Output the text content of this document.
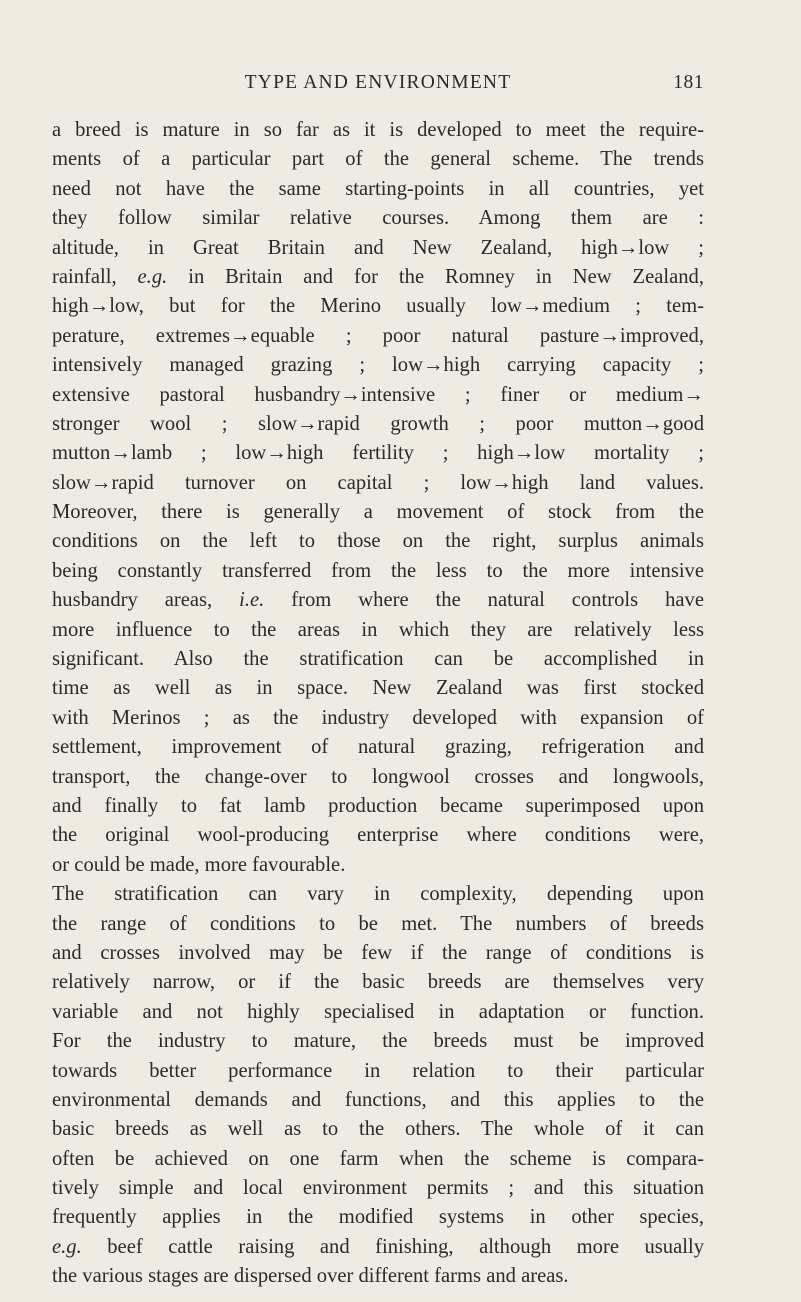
TYPE AND ENVIRONMENT	181
a breed is mature in so far as it is developed to meet the require-
ments of a particular part of the general scheme. The trends
need not have the same starting-points in all countries, yet
they follow similar relative courses. Among them are :
altitude, in Great Britain and New Zealand, high→low ;
rainfall, e.g. in Britain and for the Romney in New Zealand,
high→low, but for the Merino usually low→medium ; tem-
perature, extremes→equable ; poor natural pasture→improved,
intensively managed grazing ; low→high carrying capacity ;
extensive pastoral husbandry→intensive ; finer or medium→
stronger wool ; slow→rapid growth ; poor mutton→good
mutton→lamb ; low→high fertility ; high→low mortality ;
slow→rapid turnover on capital ; low→high land values.
Moreover, there is generally a movement of stock from the
conditions on the left to those on the right, surplus animals
being constantly transferred from the less to the more intensive
husbandry areas, i.e. from where the natural controls have
more influence to the areas in which they are relatively less
significant. Also the stratification can be accomplished in
time as well as in space. New Zealand was first stocked
with Merinos ; as the industry developed with expansion of
settlement, improvement of natural grazing, refrigeration and
transport, the change-over to longwool crosses and longwools,
and finally to fat lamb production became superimposed upon
the original wool-producing enterprise where conditions were,
or could be made, more favourable.
The stratification can vary in complexity, depending upon
the range of conditions to be met. The numbers of breeds
and crosses involved may be few if the range of conditions is
relatively narrow, or if the basic breeds are themselves very
variable and not highly specialised in adaptation or function.
For the industry to mature, the breeds must be improved
towards better performance in relation to their particular
environmental demands and functions, and this applies to the
basic breeds as well as to the others. The whole of it can
often be achieved on one farm when the scheme is compara-
tively simple and local environment permits ; and this situation
frequently applies in the modified systems in other species,
e.g. beef cattle raising and finishing, although more usually
the various stages are dispersed over different farms and areas.
